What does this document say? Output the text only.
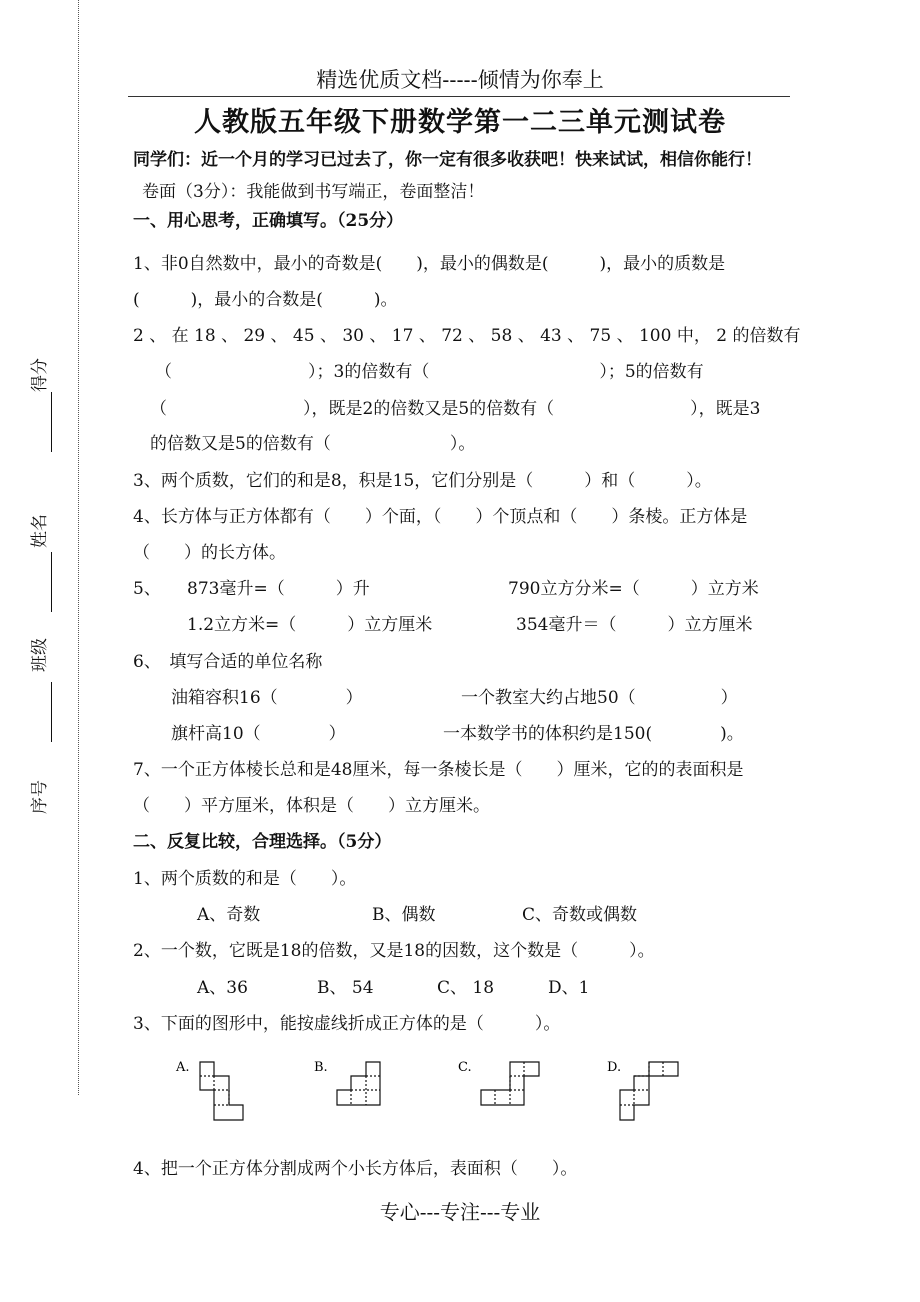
得分
姓名
班级
序号
精选优质文档-----倾情为你奉上
人教版五年级下册数学第一二三单元测试卷
同学们：近一个月的学习已过去了，你一定有很多收获吧！快来试试，相信你能行！
卷面（3分）：我能做到书写端正，卷面整洁！
一、用心思考，正确填写。（25分）
1、非0自然数中，最小的奇数是(　　)，最小的偶数是(　　　)，最小的质数是
(　　　)，最小的合数是(　　　)。
2 、 在 18 、 29 、 45 、 30 、 17 、 72 、 58 、 43 、 75 、 100 中， 2 的倍数有
（　　　　　　　　）；3的倍数有（　　　　　　　　　　）；5的倍数有
（　　　　　　　　），既是2的倍数又是5的倍数有（　　　　　　　　），既是3
的倍数又是5的倍数有（　　　　　　　）。
3、两个质数，它们的和是8，积是15，它们分别是（　　　）和（　　　）。
4、长方体与正方体都有（　　）个面，（　　）个顶点和（　　）条棱。正方体是
（　　）的长方体。
5、 873毫升=（　　　）升	790立方分米=（　　　）立方米
1.2立方米=（　　　）立方厘米	354毫升＝（　　　）立方厘米
6、　填写合适的单位名称
油箱容积16（　　　　）	一个教室大约占地50（　　　　　）
旗杆高10（　　　　）	一本数学书的体积约是150(　　　　)。
7、一个正方体棱长总和是48厘米，每一条棱长是（　　）厘米，它的的表面积是
（　　）平方厘米，体积是（　　）立方厘米。
二、反复比较，合理选择。（5分）
1、两个质数的和是（　　）。
A、奇数	B、偶数	C、奇数或偶数
2、一个数，它既是18的倍数，又是18的因数，这个数是（　　　）。
A、36	B、 54	C、 18	D、1
3、下面的图形中，能按虚线折成正方体的是（　　　）。
A.	B.	C.	D.
4、把一个正方体分割成两个小长方体后，表面积（　　）。
专心---专注---专业
